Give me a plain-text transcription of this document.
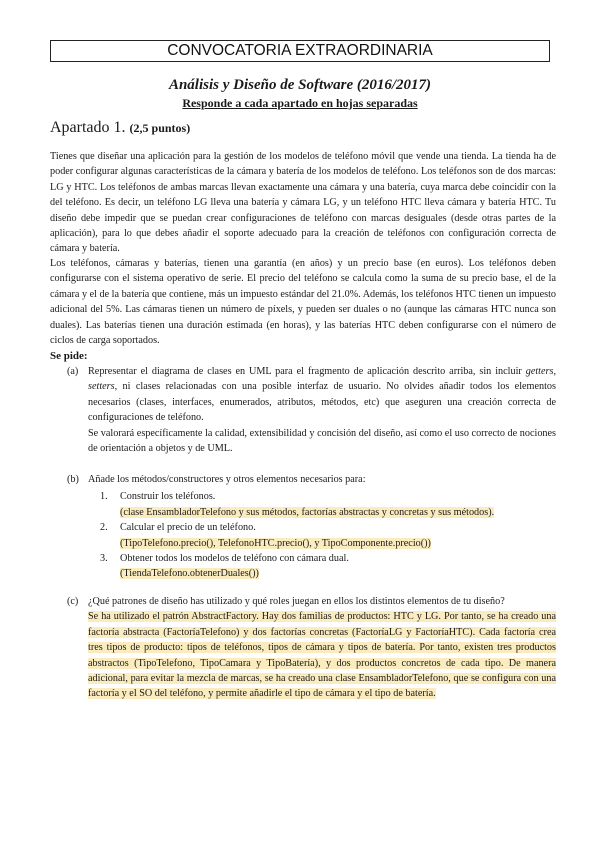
CONVOCATORIA EXTRAORDINARIA
Análisis y Diseño de Software (2016/2017)
Responde a cada apartado en hojas separadas
Apartado 1. (2,5 puntos)

Tienes que diseñar una aplicación para la gestión de los modelos de teléfono móvil que vende una tienda. La tienda ha de poder configurar algunas características de la cámara y batería de los modelos de teléfono. Los teléfonos son de dos marcas: LG y HTC. Los teléfonos de ambas marcas llevan exactamente una cámara y una batería, cuya marca debe coincidir con la del teléfono. Es decir, un teléfono LG lleva una batería y cámara LG, y un teléfono HTC lleva cámara y batería HTC. Tu diseño debe impedir que se puedan crear configuraciones de teléfono con marcas desiguales (desde otras partes de la aplicación), para lo que debes añadir el soporte adecuado para la creación de teléfonos con configuración correcta de cámara y batería.

Los teléfonos, cámaras y baterías, tienen una garantía (en años) y un precio base (en euros). Los teléfonos deben configurarse con el sistema operativo de serie. El precio del teléfono se calcula como la suma de su precio base, el de la cámara y el de la batería que contiene, más un impuesto estándar del 21.0%. Además, los teléfonos HTC tienen un impuesto adicional del 5%. Las cámaras tienen un número de píxels, y pueden ser duales o no (aunque las cámaras HTC nunca son duales). Las baterías tienen una duración estimada (en horas), y las baterías HTC deben configurarse con el número de ciclos de carga soportados.

Se pide:
(a) Representar el diagrama de clases en UML para el fragmento de aplicación descrito arriba, sin incluir getters, setters, ni clases relacionadas con una posible interfaz de usuario. No olvides añadir todos los elementos necesarios (clases, interfaces, enumerados, atributos, métodos, etc) que aseguren una creación correcta de configuraciones de teléfono.

Se valorará específicamente la calidad, extensibilidad y concisión del diseño, así como el uso correcto de nociones de orientación a objetos y de UML.

(b) Añade los métodos/constructores y otros elementos necesarios para:

1. Construir los teléfonos.
(clase EnsambladorTelefono y sus métodos, factorías abstractas y concretas y sus métodos).
2. Calcular el precio de un teléfono.
(TipoTelefono.precio(), TelefonoHTC.precio(), y TipoComponente.precio())
3. Obtener todos los modelos de teléfono con cámara dual.
(TiendaTelefono.obtenerDuales())
(c) ¿Qué patrones de diseño has utilizado y qué roles juegan en ellos los distintos elementos de tu diseño?

Se ha utilizado el patrón AbstractFactory. Hay dos familias de productos: HTC y LG. Por tanto, se ha creado una factoría abstracta (FactoríaTelefono) y dos factorías concretas (FactoríaLG y FactoríaHTC). Cada factoría crea tres tipos de producto: tipos de teléfonos, tipos de cámara y tipos de batería. Por tanto, existen tres productos abstractos (TipoTelefono, TipoCamara y TipoBatería), y dos productos concretos de cada tipo. De manera adicional, para evitar la mezcla de marcas, se ha creado una clase EnsambladorTelefono, que se configura con una factoría y el SO del teléfono, y permite añadirle el tipo de cámara y el tipo de batería.
